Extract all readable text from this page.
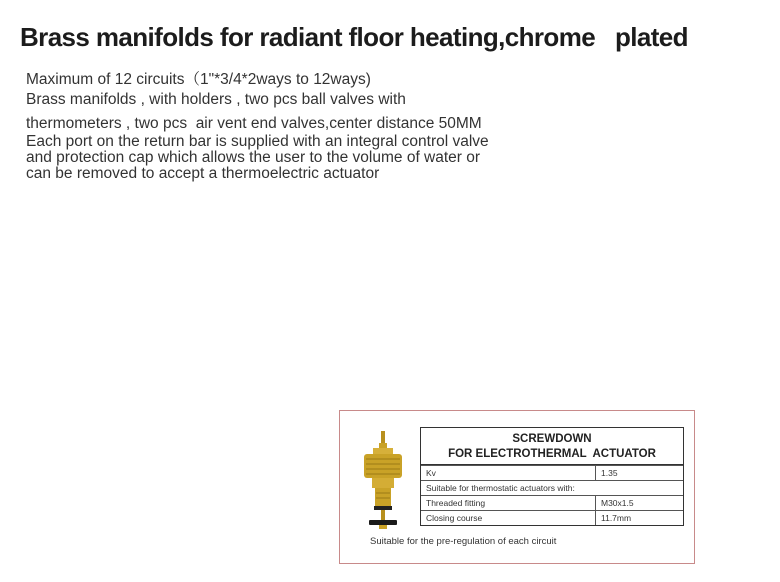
Brass manifolds for radiant floor heating,chrome   plated
Maximum of 12 circuits（1"*3/4*2ways to 12ways)
Brass manifolds , with holders , two pcs ball valves with
thermometers , two pcs  air vent end valves,center distance 50MM
Each port on the return bar is supplied with an integral control valve
and protection cap which allows the user to the volume of water or
can be removed to accept a thermoelectric actuator
SCREWDOWN
FOR ELECTROTHERMAL  ACTUATOR
Kv	1.35
Suitable for thermostatic actuators with:
Threaded fitting	M30x1.5
Closing course	11.7mm
Suitable for the pre-regulation of each circuit
